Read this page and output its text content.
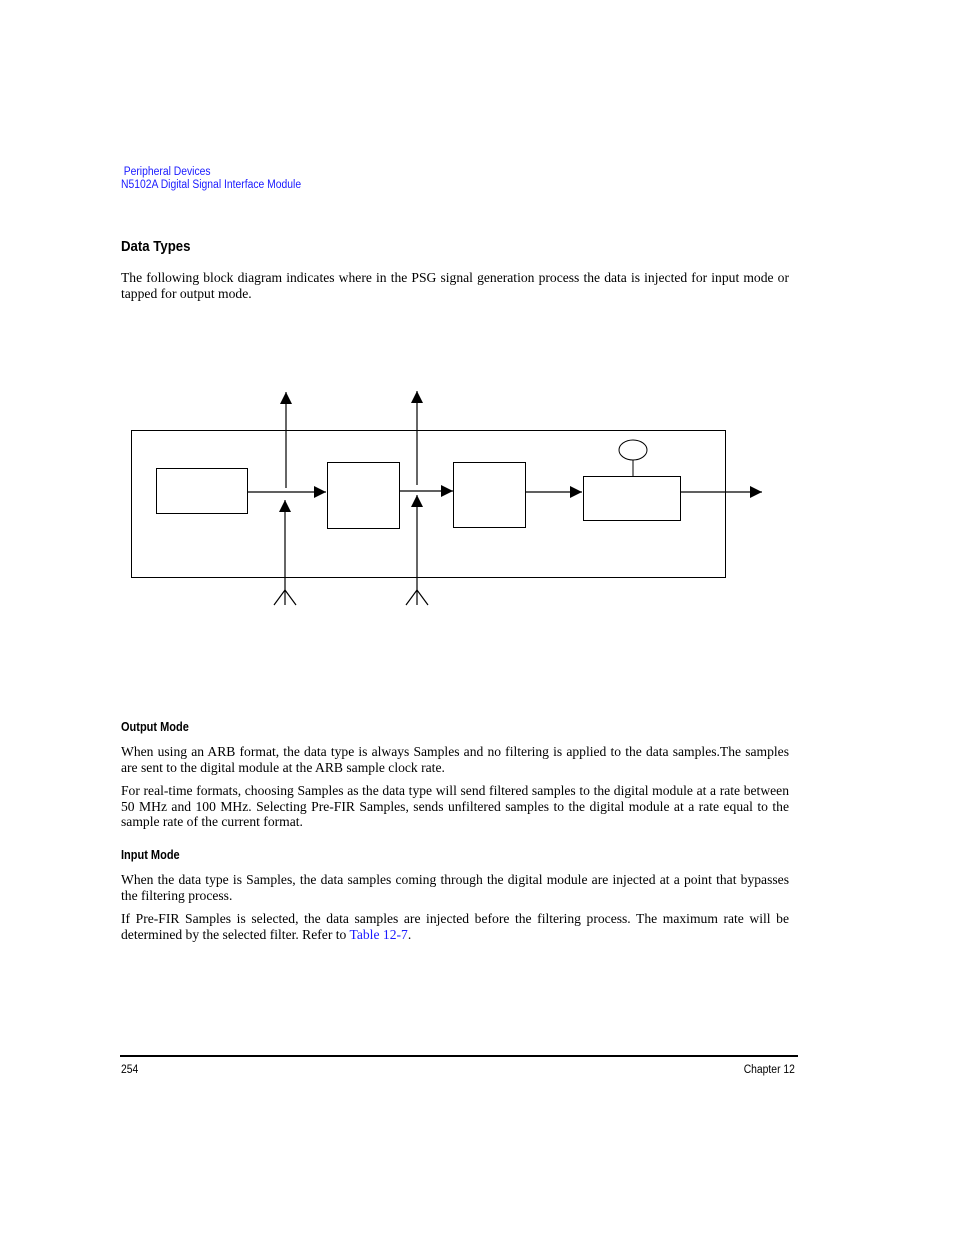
Peripheral Devices
N5102A Digital Signal Interface Module
Data Types

The following block diagram indicates where in the PSG signal generation process the data is injected for input mode or tapped for output mode.

Output Mode

When using an ARB format, the data type is always Samples and no filtering is applied to the data samples.The samples are sent to the digital module at the ARB sample clock rate.

For real-time formats, choosing Samples as the data type will send filtered samples to the digital module at a rate between 50 MHz and 100 MHz. Selecting Pre-FIR Samples, sends unfiltered samples to the digital module at a rate equal to the sample rate of the current format.

Input Mode

When the data type is Samples, the data samples coming through the digital module are injected at a point that bypasses the filtering process.

If Pre-FIR Samples is selected, the data samples are injected before the filtering process. The maximum rate will be determined by the selected filter. Refer to Table 12-7.

254	Chapter 12
